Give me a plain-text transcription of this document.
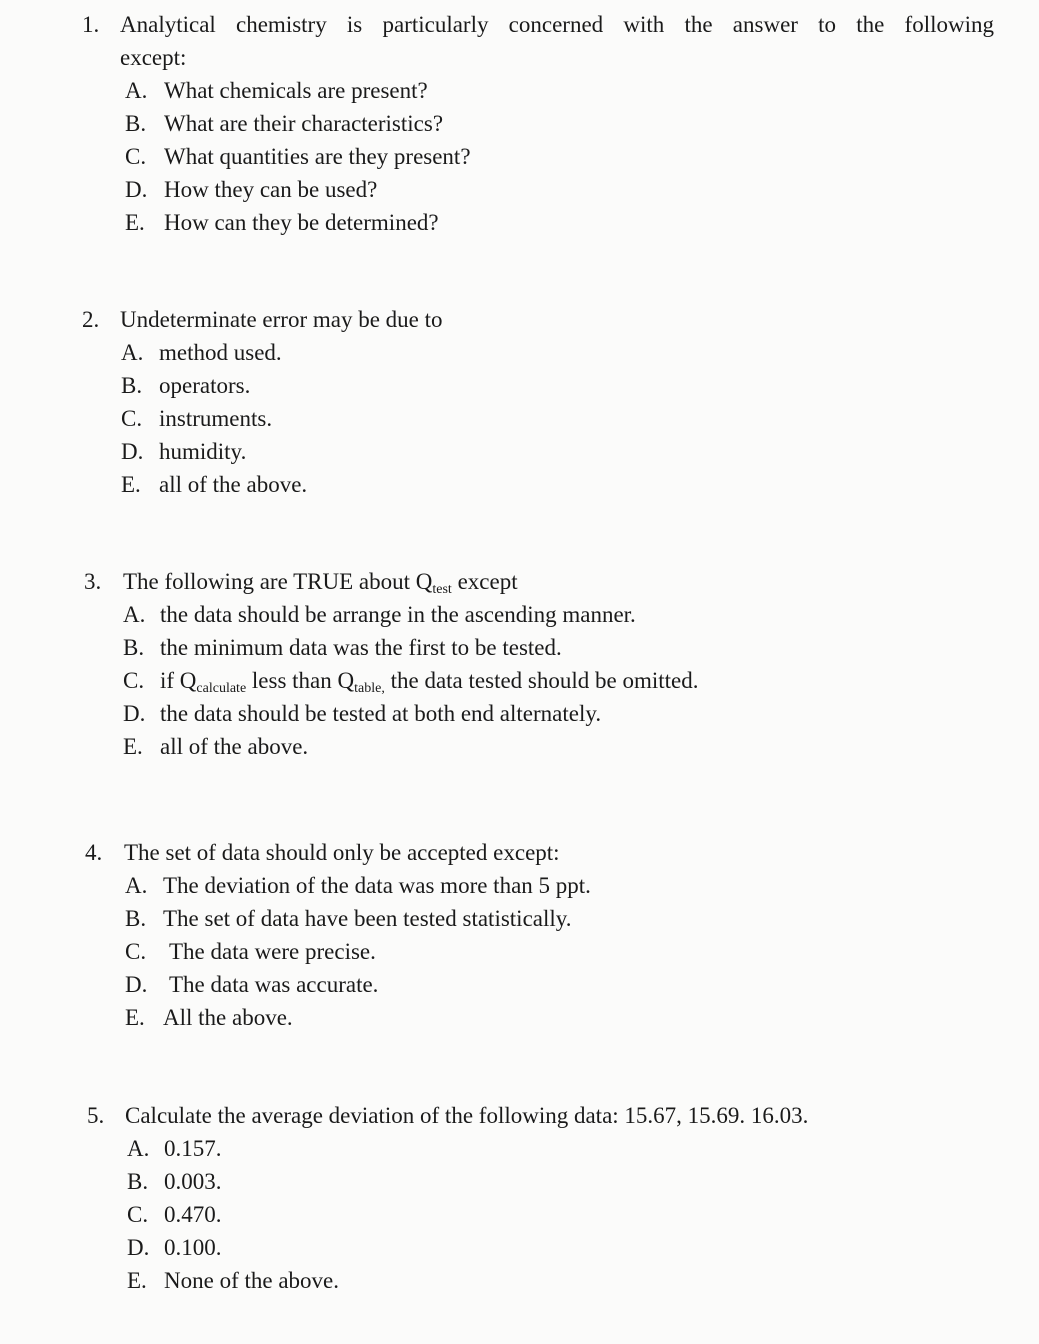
1. Analytical chemistry is particularly concerned with the answer to the following
except:
A. What chemicals are present?
B. What are their characteristics?
C. What quantities are they present?
D. How they can be used?
E. How can they be determined?
2. Undeterminate error may be due to
A. method used.
B. operators.
C. instruments.
D. humidity.
E. all of the above.
3. The following are TRUE about $Q_{test}$ except
A. the data should be arrange in the ascending manner.
B. the minimum data was the first to be tested.
C. if $Q_{calculate}$ less than $Q_{table,}$ the data tested should be omitted.
D. the data should be tested at both end alternately.
E. all of the above.
4. The set of data should only be accepted except:
A. The deviation of the data was more than 5 ppt.
B. The set of data have been tested statistically.
C. The data were precise.
D. The data was accurate.
E. All the above.
5. Calculate the average deviation of the following data: 15.67, 15.69. 16.03.
A. 0.157.
B. 0.003.
C. 0.470.
D. 0.100.
E. None of the above.
